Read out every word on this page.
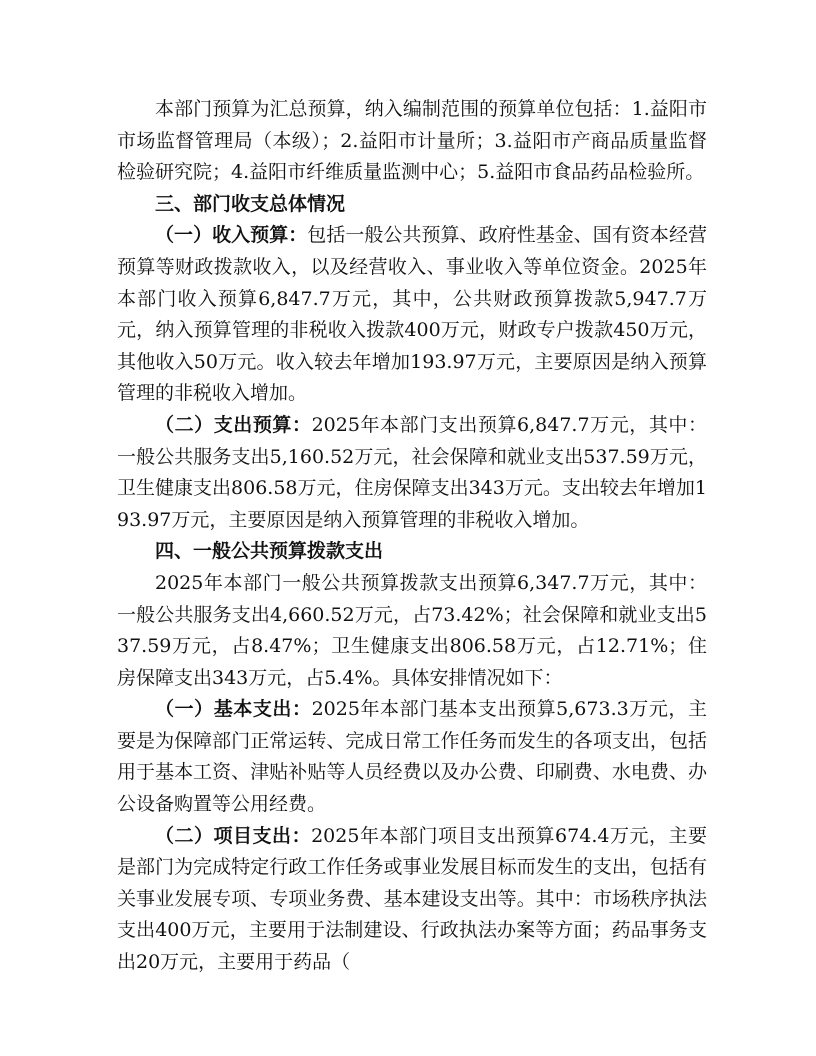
本部门预算为汇总预算，纳入编制范围的预算单位包括：1.益阳市市场监督管理局（本级）；2.益阳市计量所；3.益阳市产商品质量监督检验研究院；4.益阳市纤维质量监测中心；5.益阳市食品药品检验所。

三、部门收支总体情况

（一）收入预算：包括一般公共预算、政府性基金、国有资本经营预算等财政拨款收入，以及经营收入、事业收入等单位资金。2025年本部门收入预算6,847.7万元，其中，公共财政预算拨款5,947.7万元，纳入预算管理的非税收入拨款400万元，财政专户拨款450万元，其他收入50万元。收入较去年增加193.97万元，主要原因是纳入预算管理的非税收入增加。

（二）支出预算：2025年本部门支出预算6,847.7万元，其中：一般公共服务支出5,160.52万元，社会保障和就业支出537.59万元，卫生健康支出806.58万元，住房保障支出343万元。支出较去年增加193.97万元，主要原因是纳入预算管理的非税收入增加。

四、一般公共预算拨款支出

2025年本部门一般公共预算拨款支出预算6,347.7万元，其中：一般公共服务支出4,660.52万元，占73.42%；社会保障和就业支出537.59万元，占8.47%；卫生健康支出806.58万元，占12.71%；住房保障支出343万元，占5.4%。具体安排情况如下：

（一）基本支出：2025年本部门基本支出预算5,673.3万元，主要是为保障部门正常运转、完成日常工作任务而发生的各项支出，包括用于基本工资、津贴补贴等人员经费以及办公费、印刷费、水电费、办公设备购置等公用经费。

（二）项目支出：2025年本部门项目支出预算674.4万元，主要是部门为完成特定行政工作任务或事业发展目标而发生的支出，包括有关事业发展专项、专项业务费、基本建设支出等。其中：市场秩序执法支出400万元，主要用于法制建设、行政执法办案等方面；药品事务支出20万元，主要用于药品（
